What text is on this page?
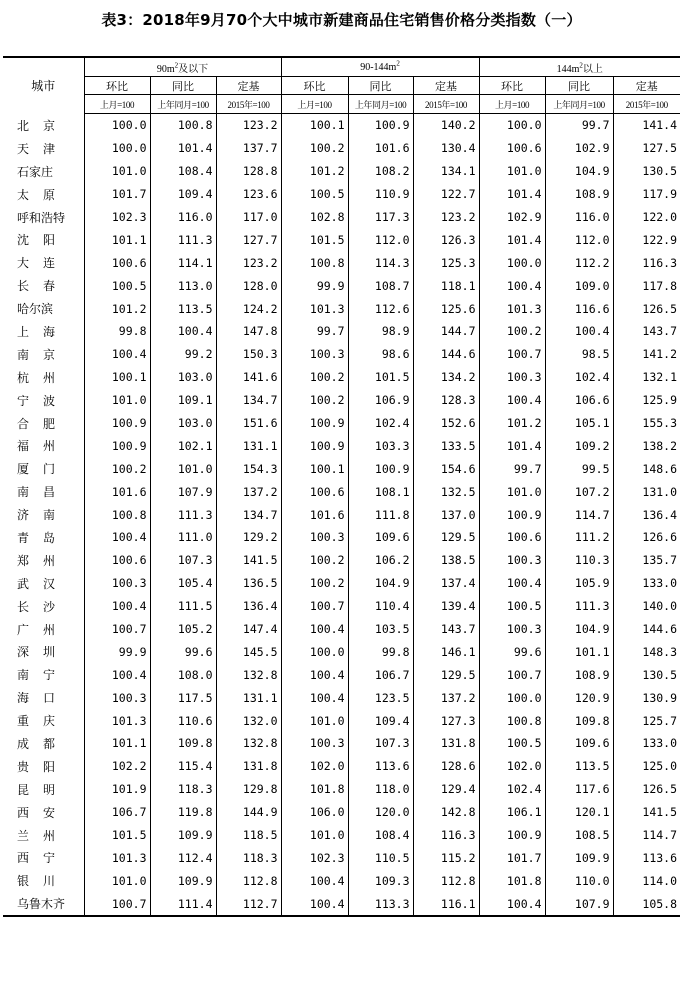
表3：2018年9月70个大中城市新建商品住宅销售价格分类指数（一）
城市	$90m^2$及以下			$90-144m^2$			$144m^2$以上		
	环比	同比	定基	环比	同比	定基	环比	同比	定基
	上月=100	上年同月=100	2015年=100	上月=100	上年同月=100	2015年=100	上月=100	上年同月=100	2015年=100
北京	100.0	100.8	123.2	100.1	100.9	140.2	100.0	99.7	141.4
天津	100.0	101.4	137.7	100.2	101.6	130.4	100.6	102.9	127.5
石家庄	101.0	108.4	128.8	101.2	108.2	134.1	101.0	104.9	130.5
太原	101.7	109.4	123.6	100.5	110.9	122.7	101.4	108.9	117.9
呼和浩特	102.3	116.0	117.0	102.8	117.3	123.2	102.9	116.0	122.0
沈阳	101.1	111.3	127.7	101.5	112.0	126.3	101.4	112.0	122.9
大连	100.6	114.1	123.2	100.8	114.3	125.3	100.0	112.2	116.3
长春	100.5	113.0	128.0	99.9	108.7	118.1	100.4	109.0	117.8
哈尔滨	101.2	113.5	124.2	101.3	112.6	125.6	101.3	116.6	126.5
上海	99.8	100.4	147.8	99.7	98.9	144.7	100.2	100.4	143.7
南京	100.4	99.2	150.3	100.3	98.6	144.6	100.7	98.5	141.2
杭州	100.1	103.0	141.6	100.2	101.5	134.2	100.3	102.4	132.1
宁波	101.0	109.1	134.7	100.2	106.9	128.3	100.4	106.6	125.9
合肥	100.9	103.0	151.6	100.9	102.4	152.6	101.2	105.1	155.3
福州	100.9	102.1	131.1	100.9	103.3	133.5	101.4	109.2	138.2
厦门	100.2	101.0	154.3	100.1	100.9	154.6	99.7	99.5	148.6
南昌	101.6	107.9	137.2	100.6	108.1	132.5	101.0	107.2	131.0
济南	100.8	111.3	134.7	101.6	111.8	137.0	100.9	114.7	136.4
青岛	100.4	111.0	129.2	100.3	109.6	129.5	100.6	111.2	126.6
郑州	100.6	107.3	141.5	100.2	106.2	138.5	100.3	110.3	135.7
武汉	100.3	105.4	136.5	100.2	104.9	137.4	100.4	105.9	133.0
长沙	100.4	111.5	136.4	100.7	110.4	139.4	100.5	111.3	140.0
广州	100.7	105.2	147.4	100.4	103.5	143.7	100.3	104.9	144.6
深圳	99.9	99.6	145.5	100.0	99.8	146.1	99.6	101.1	148.3
南宁	100.4	108.0	132.8	100.4	106.7	129.5	100.7	108.9	130.5
海口	100.3	117.5	131.1	100.4	123.5	137.2	100.0	120.9	130.9
重庆	101.3	110.6	132.0	101.0	109.4	127.3	100.8	109.8	125.7
成都	101.1	109.8	132.8	100.3	107.3	131.8	100.5	109.6	133.0
贵阳	102.2	115.4	131.8	102.0	113.6	128.6	102.0	113.5	125.0
昆明	101.9	118.3	129.8	101.8	118.0	129.4	102.4	117.6	126.5
西安	106.7	119.8	144.9	106.0	120.0	142.8	106.1	120.1	141.5
兰州	101.5	109.9	118.5	101.0	108.4	116.3	100.9	108.5	114.7
西宁	101.3	112.4	118.3	102.3	110.5	115.2	101.7	109.9	113.6
银川	101.0	109.9	112.8	100.4	109.3	112.8	101.8	110.0	114.0
乌鲁木齐	100.7	111.4	112.7	100.4	113.3	116.1	100.4	107.9	105.8
